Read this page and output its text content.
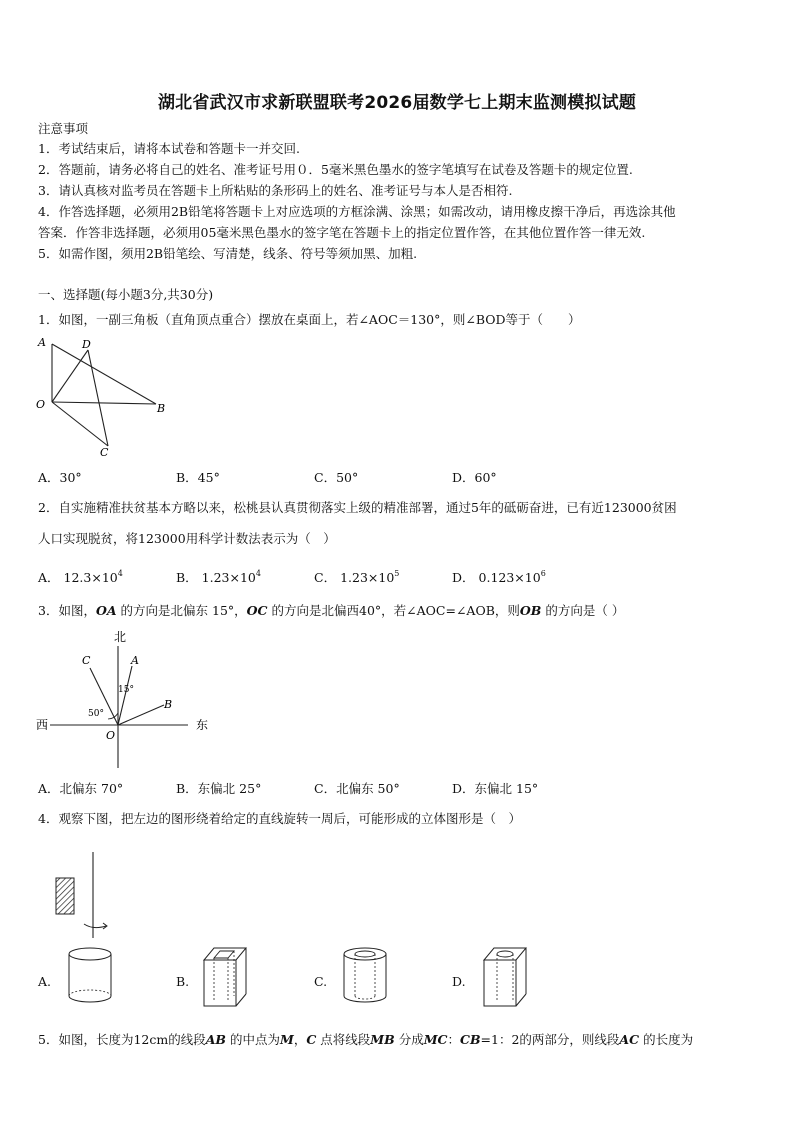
湖北省武汉市求新联盟联考2026届数学七上期末监测模拟试题
注意事项
1．考试结束后，请将本试卷和答题卡一并交回.
2．答题前，请务必将自己的姓名、准考证号用０．5毫米黑色墨水的签字笔填写在试卷及答题卡的规定位置.
3．请认真核对监考员在答题卡上所粘贴的条形码上的姓名、准考证号与本人是否相符.
4．作答选择题，必须用2B铅笔将答题卡上对应选项的方框涂满、涂黑；如需改动，请用橡皮擦干净后，再选涂其他
答案．作答非选择题，必须用05毫米黑色墨水的签字笔在答题卡上的指定位置作答，在其他位置作答一律无效.
5．如需作图，须用2B铅笔绘、写清楚，线条、符号等须加黑、加粗.
一、选择题(每小题3分,共30分)
1．如图，一副三角板（直角顶点重合）摆放在桌面上，若∠AOC＝130°，则∠BOD等于（　　）
A	D
O	B
C
A．30°	B．45°	C．50°	D．60°
2．自实施精准扶贫基本方略以来，松桃县认真贯彻落实上级的精准部署，通过5年的砥砺奋进，已有近123000贫困
人口实现脱贫，将123000用科学计数法表示为（　）
A． $12.3\times 10^4$	B． $1.23\times 10^4$	C． $1.23\times 10^5$	D． $0.123\times 10^6$
3．如图，OA 的方向是北偏东 15°，OC 的方向是北偏西40°，若∠AOC=∠AOB，则OB 的方向是（ ）
北
西	东
C	A
B
O
15°
50°
A．北偏东 70°	B．东偏北 25°	C．北偏东 50°	D．东偏北 15°
4．观察下图，把左边的图形绕着给定的直线旋转一周后，可能形成的立体图形是（　）
A.	B.	C.	D.
5．如图，长度为12cm的线段AB 的中点为M，C 点将线段MB 分成MC：CB=1：2的两部分，则线段AC 的长度为
